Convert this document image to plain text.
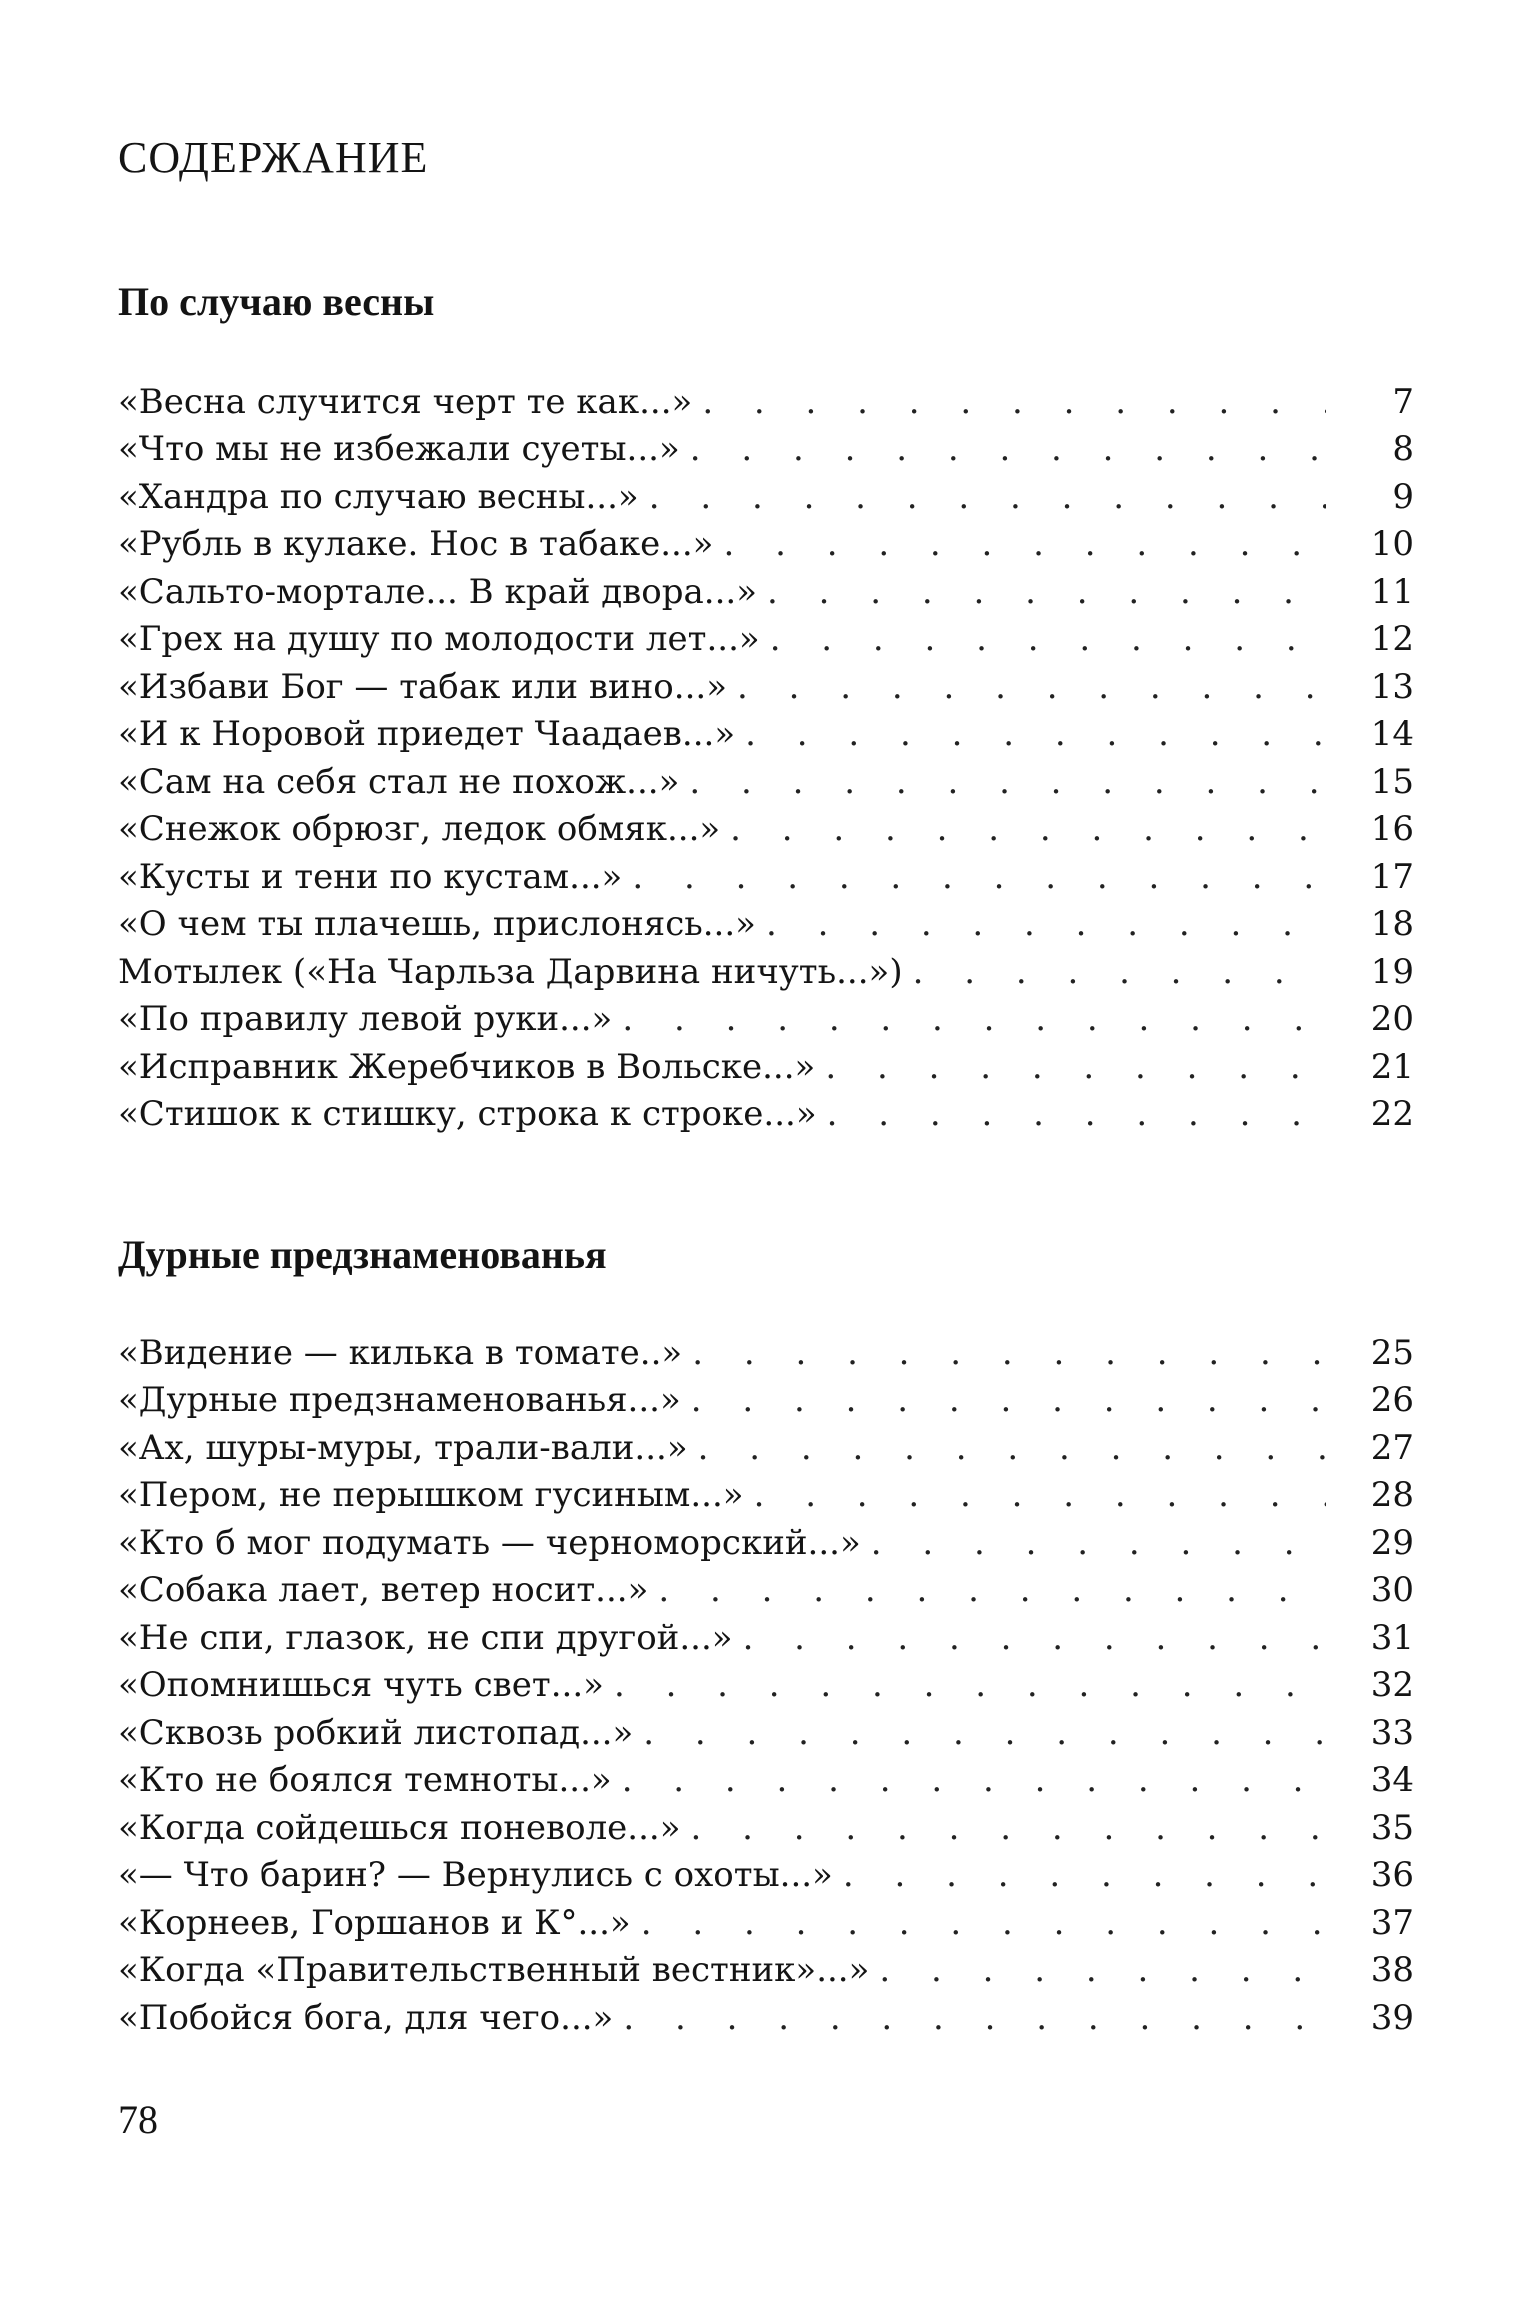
СОДЕРЖАНИЕ
По случаю весны
«Весна случится черт те как...» . . .	7
«Что мы не избежали суеты...» . . .	8
«Хандра по случаю весны...» . . .	9
«Рубль в кулаке. Нос в табаке...» . . .	10
«Сальто-мортале... В край двора...» . . .	11
«Грех на душу по молодости лет...» . . .	12
«Избави Бог — табак или вино...» . . .	13
«И к Норовой приедет Чаадаев...» . . .	14
«Сам на себя стал не похож...» . . .	15
«Снежок обрюзг, ледок обмяк...» . . .	16
«Кусты и тени по кустам...» . . .	17
«О чем ты плачешь, прислонясь...» . . .	18
Мотылек («На Чарльза Дарвина ничуть...») . . .	19
«По правилу левой руки...» . . .	20
«Исправник Жеребчиков в Вольске...» . . .	21
«Стишок к стишку, строка к строке...» . . .	22
Дурные предзнаменованья
«Видение — килька в томате..» . . .	25
«Дурные предзнаменованья...» . . .	26
«Ах, шуры-муры, трали-вали...» . . .	27
«Пером, не перышком гусиным...» . . .	28
«Кто б мог подумать — черноморский...» . . .	29
«Собака лает, ветер носит...» . . .	30
«Не спи, глазок, не спи другой...» . . .	31
«Опомнишься чуть свет...» . . .	32
«Сквозь робкий листопад...» . . .	33
«Кто не боялся темноты...» . . .	34
«Когда сойдешься поневоле...» . . .	35
«— Что барин? — Вернулись с охоты...» . . .	36
«Корнеев, Горшанов и К°...» . . .	37
«Когда «Правительственный вестник»...» . . .	38
«Побойся бога, для чего...» . . .	39
78
